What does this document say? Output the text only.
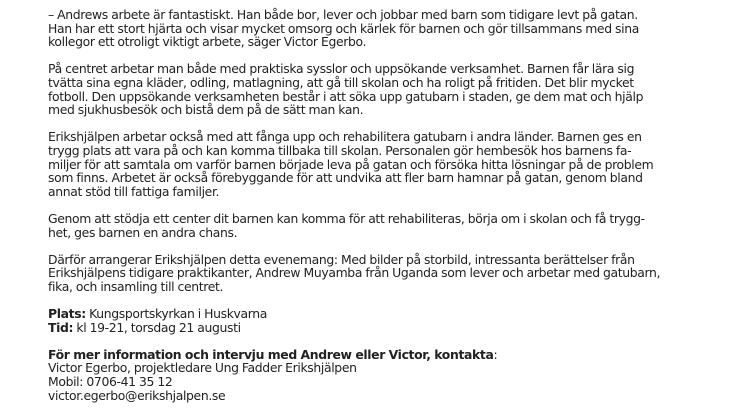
– Andrews arbete är fantastiskt. Han både bor, lever och jobbar med barn som tidigare levt på gatan.
Han har ett stort hjärta och visar mycket omsorg och kärlek för barnen och gör tillsammans med sina
kollegor ett otroligt viktigt arbete, säger Victor Egerbo.

På centret arbetar man både med praktiska sysslor och uppsökande verksamhet. Barnen får lära sig
tvätta sina egna kläder, odling, matlagning, att gå till skolan och ha roligt på fritiden. Det blir mycket
fotboll. Den uppsökande verksamheten består i att söka upp gatubarn i staden, ge dem mat och hjälp
med sjukhusbesök och bistå dem på de sätt man kan.

Erikshjälpen arbetar också med att fånga upp och rehabilitera gatubarn i andra länder. Barnen ges en
trygg plats att vara på och kan komma tillbaka till skolan. Personalen gör hembesök hos barnens fa-
miljer för att samtala om varför barnen började leva på gatan och försöka hitta lösningar på de problem
som finns. Arbetet är också förebyggande för att undvika att fler barn hamnar på gatan, genom bland
annat stöd till fattiga familjer.

Genom att stödja ett center dit barnen kan komma för att rehabiliteras, börja om i skolan och få trygg-
het, ges barnen en andra chans.

Därför arrangerar Erikshjälpen detta evenemang: Med bilder på storbild, intressanta berättelser från
Erikshjälpens tidigare praktikanter, Andrew Muyamba från Uganda som lever och arbetar med gatubarn,
fika, och insamling till centret.

Plats: Kungsportskyrkan i Huskvarna
Tid: kl 19-21, torsdag 21 augusti
För mer information och intervju med Andrew eller Victor, kontakta:
Victor Egerbo, projektledare Ung Fadder Erikshjälpen
Mobil: 0706-41 35 12
victor.egerbo@erikshjalpen.se
